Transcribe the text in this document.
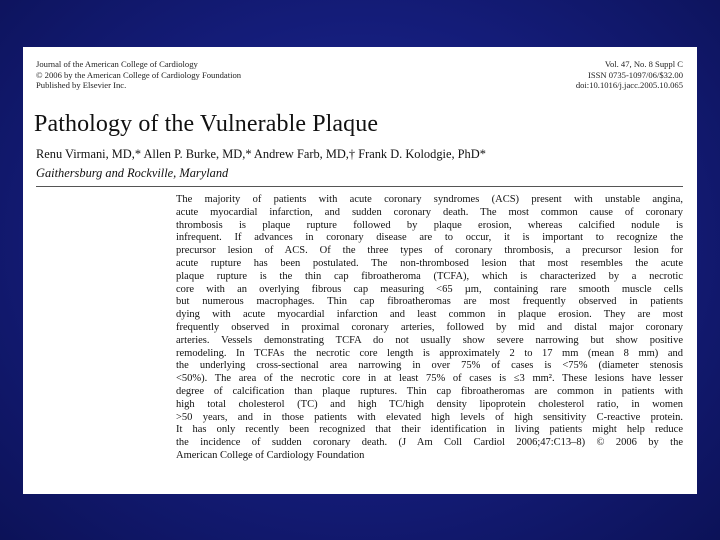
Journal of the American College of Cardiology
© 2006 by the American College of Cardiology Foundation
Published by Elsevier Inc.
Vol. 47, No. 8 Suppl C
ISSN 0735-1097/06/$32.00
doi:10.1016/j.jacc.2005.10.065
Pathology of the Vulnerable Plaque
Renu Virmani, MD,* Allen P. Burke, MD,* Andrew Farb, MD,† Frank D. Kolodgie, PhD*
Gaithersburg and Rockville, Maryland
The majority of patients with acute coronary syndromes (ACS) present with unstable angina,
acute myocardial infarction, and sudden coronary death. The most common cause of coronary
thrombosis is plaque rupture followed by plaque erosion, whereas calcified nodule is
infrequent. If advances in coronary disease are to occur, it is important to recognize the
precursor lesion of ACS. Of the three types of coronary thrombosis, a precursor lesion for
acute rupture has been postulated. The non-thrombosed lesion that most resembles the acute
plaque rupture is the thin cap fibroatheroma (TCFA), which is characterized by a necrotic
core with an overlying fibrous cap measuring <65 µm, containing rare smooth muscle cells
but numerous macrophages. Thin cap fibroatheromas are most frequently observed in patients
dying with acute myocardial infarction and least common in plaque erosion. They are most
frequently observed in proximal coronary arteries, followed by mid and distal major coronary
arteries. Vessels demonstrating TCFA do not usually show severe narrowing but show positive
remodeling. In TCFAs the necrotic core length is approximately 2 to 17 mm (mean 8 mm) and
the underlying cross-sectional area narrowing in over 75% of cases is <75% (diameter stenosis
<50%). The area of the necrotic core in at least 75% of cases is ≤3 mm². These lesions have lesser
degree of calcification than plaque ruptures. Thin cap fibroatheromas are common in patients with
high total cholesterol (TC) and high TC/high density lipoprotein cholesterol ratio, in women
>50 years, and in those patients with elevated high levels of high sensitivity C-reactive protein.
It has only recently been recognized that their identification in living patients might help reduce
the incidence of sudden coronary death. (J Am Coll Cardiol 2006;47:C13–8) © 2006 by the
American College of Cardiology Foundation
